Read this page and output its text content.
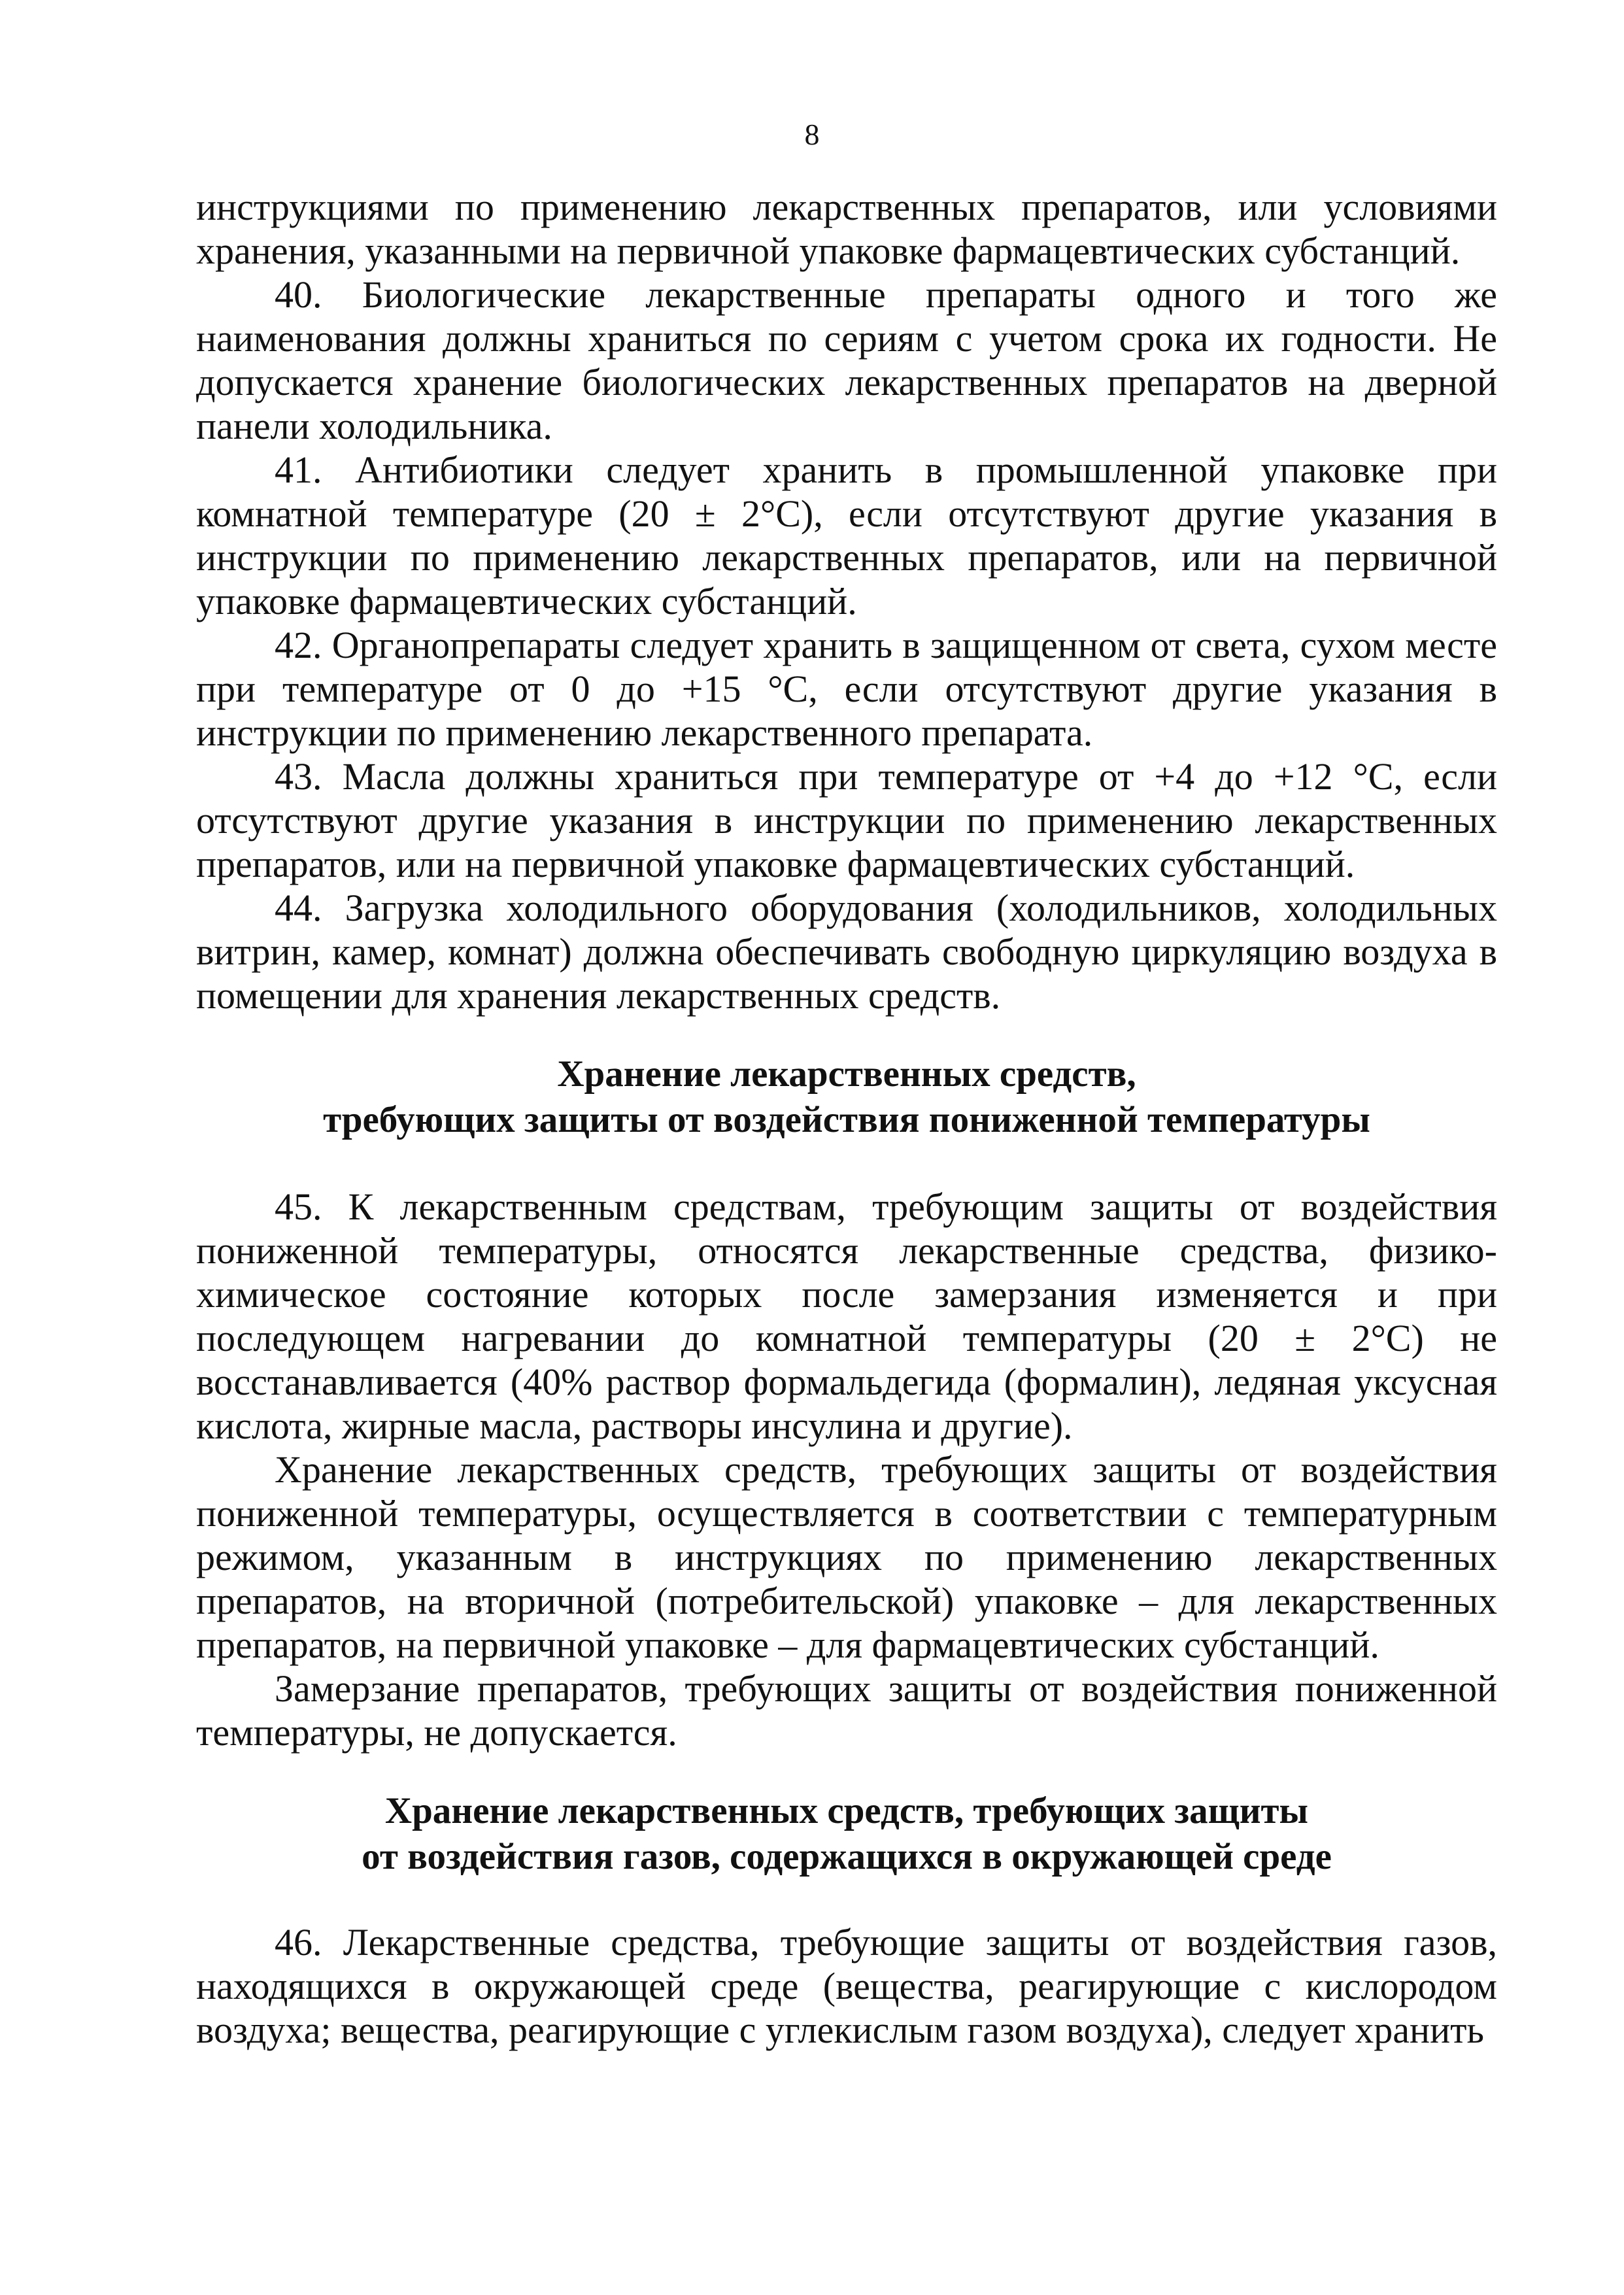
8

инструкциями по применению лекарственных препаратов, или условиями хранения, указанными на первичной упаковке фармацевтических субстанций.

40. Биологические лекарственные препараты одного и того же наименования должны храниться по сериям с учетом срока их годности. Не допускается хранение биологических лекарственных препаратов на дверной панели холодильника.

41. Антибиотики следует хранить в промышленной упаковке при комнатной температуре (20 ± 2°С), если отсутствуют другие указания в инструкции по применению лекарственных препаратов, или на первичной упаковке фармацевтических субстанций.

42. Органопрепараты следует хранить в защищенном от света, сухом месте при температуре от 0 до +15 °С, если отсутствуют другие указания в инструкции по применению лекарственного препарата.

43. Масла должны храниться при температуре от +4 до +12 °С, если отсутствуют другие указания в инструкции по применению лекарственных препаратов, или на первичной упаковке фармацевтических субстанций.

44. Загрузка холодильного оборудования (холодильников, холодильных витрин, камер, комнат) должна обеспечивать свободную циркуляцию воздуха в помещении для хранения лекарственных средств.

Хранение лекарственных средств,
требующих защиты от воздействия пониженной температуры

45. К лекарственным средствам, требующим защиты от воздействия пониженной температуры, относятся лекарственные средства, физико-химическое состояние которых после замерзания изменяется и при последующем нагревании до комнатной температуры (20 ± 2°С) не восстанавливается (40% раствор формальдегида (формалин), ледяная уксусная кислота, жирные масла, растворы инсулина и другие).

Хранение лекарственных средств, требующих защиты от воздействия пониженной температуры, осуществляется в соответствии с температурным режимом, указанным в инструкциях по применению лекарственных препаратов, на вторичной (потребительской) упаковке – для лекарственных препаратов, на первичной упаковке – для фармацевтических субстанций.

Замерзание препаратов, требующих защиты от воздействия пониженной температуры, не допускается.

Хранение лекарственных средств, требующих защиты
от воздействия газов, содержащихся в окружающей среде

46. Лекарственные средства, требующие защиты от воздействия газов, находящихся в окружающей среде (вещества, реагирующие с кислородом воздуха; вещества, реагирующие с углекислым газом воздуха), следует хранить
